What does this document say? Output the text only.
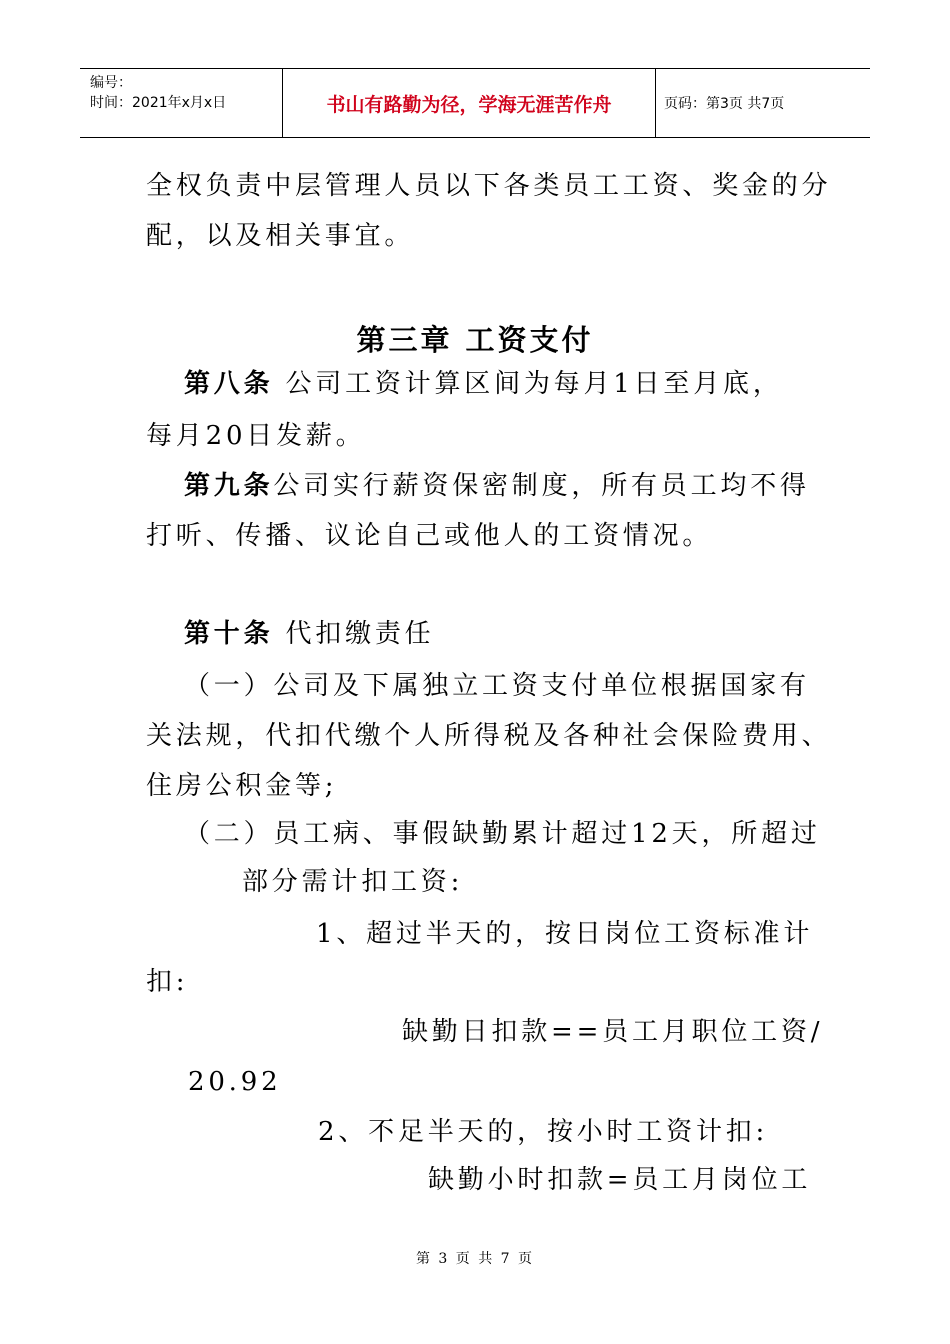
编号：
时间：2021年x月x日	书山有路勤为径，学海无涯苦作舟	页码：第3页 共7页
全权负责中层管理人员以下各类员工工资、奖金的分
配，以及相关事宜。
第三章 工资支付
第八条 公司工资计算区间为每月1日至月底，
每月20日发薪。
第九条公司实行薪资保密制度，所有员工均不得
打听、传播、议论自己或他人的工资情况。
第十条 代扣缴责任
（一）公司及下属独立工资支付单位根据国家有
关法规，代扣代缴个人所得税及各种社会保险费用、
住房公积金等;
（二）员工病、事假缺勤累计超过12天，所超过
部分需计扣工资:
1、超过半天的，按日岗位工资标准计
扣:
缺勤日扣款==员工月职位工资/
20.92
2、不足半天的，按小时工资计扣:
缺勤小时扣款=员工月岗位工
第 3 页 共 7 页
